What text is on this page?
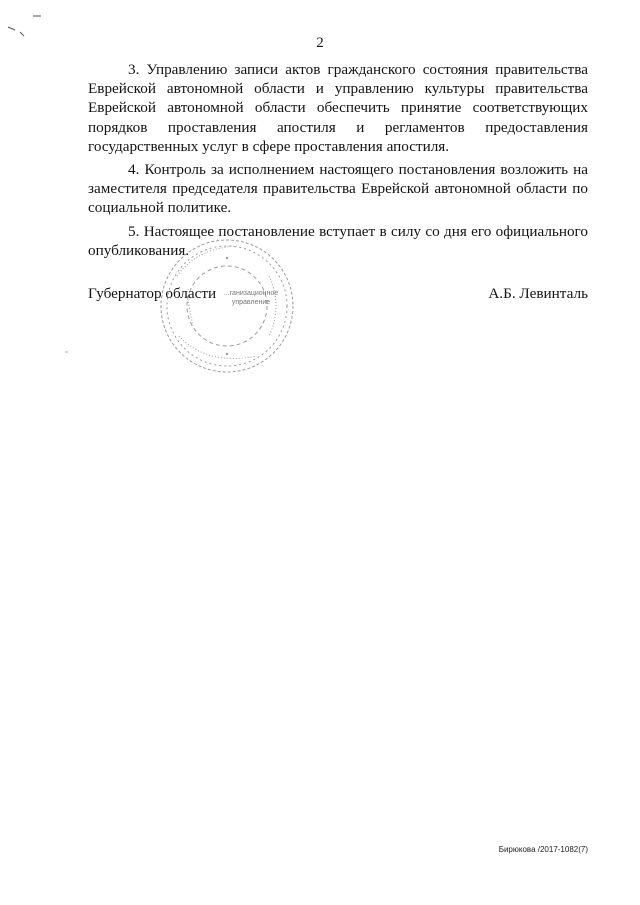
2

3. Управлению записи актов гражданского состояния правительства Еврейской автономной области и управлению культуры правительства Еврейской автономной области обеспечить принятие соответствующих порядков проставления апостиля и регламентов предоставления государственных услуг в сфере проставления апостиля.

4. Контроль за исполнением настоящего постановления возложить на заместителя председателя правительства Еврейской автономной области по социальной политике.

5. Настоящее постановление вступает в силу со дня его официального опубликования.

...ганизационное
управление
Губернатор области	А.Б. Левинталь
Бирюкова /2017-1082(7)
